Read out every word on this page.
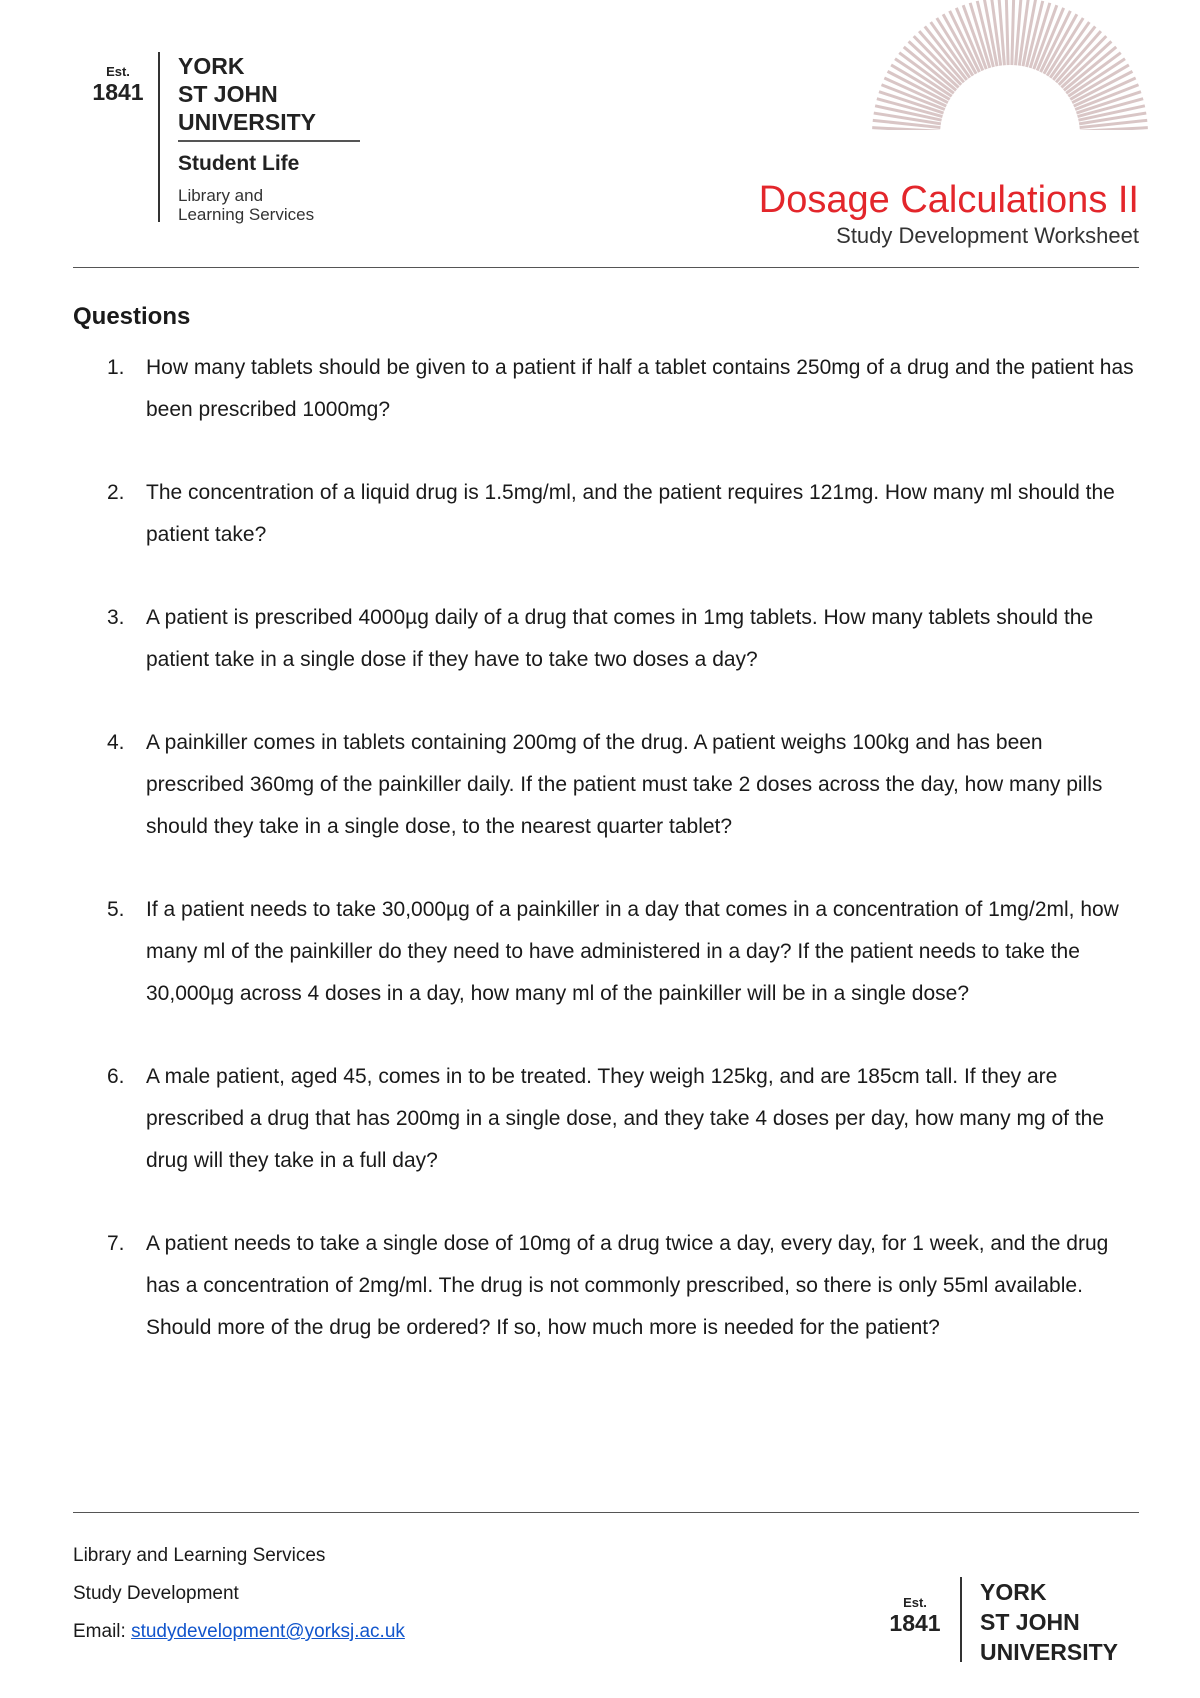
Est.
1841
YORK
ST JOHN
UNIVERSITY
Student Life
Library and
Learning Services	Dosage Calculations II
Study Development Worksheet
Questions
1. How many tablets should be given to a patient if half a tablet contains 250mg of a drug and the patient has been prescribed 1000mg?
2. The concentration of a liquid drug is 1.5mg/ml, and the patient requires 121mg. How many ml should the patient take?
3. A patient is prescribed 4000µg daily of a drug that comes in 1mg tablets. How many tablets should the patient take in a single dose if they have to take two doses a day?
4. A painkiller comes in tablets containing 200mg of the drug. A patient weighs 100kg and has been prescribed 360mg of the painkiller daily. If the patient must take 2 doses across the day, how many pills should they take in a single dose, to the nearest quarter tablet?
5. If a patient needs to take 30,000µg of a painkiller in a day that comes in a concentration of 1mg/2ml, how many ml of the painkiller do they need to have administered in a day? If the patient needs to take the 30,000µg across 4 doses in a day, how many ml of the painkiller will be in a single dose?
6. A male patient, aged 45, comes in to be treated. They weigh 125kg, and are 185cm tall. If they are prescribed a drug that has 200mg in a single dose, and they take 4 doses per day, how many mg of the drug will they take in a full day?
7. A patient needs to take a single dose of 10mg of a drug twice a day, every day, for 1 week, and the drug has a concentration of 2mg/ml. The drug is not commonly prescribed, so there is only 55ml available. Should more of the drug be ordered? If so, how much more is needed for the patient?
Library and Learning Services
Study Development
Email: studydevelopment@yorksj.ac.uk
Est.
1841
YORK
ST JOHN
UNIVERSITY
